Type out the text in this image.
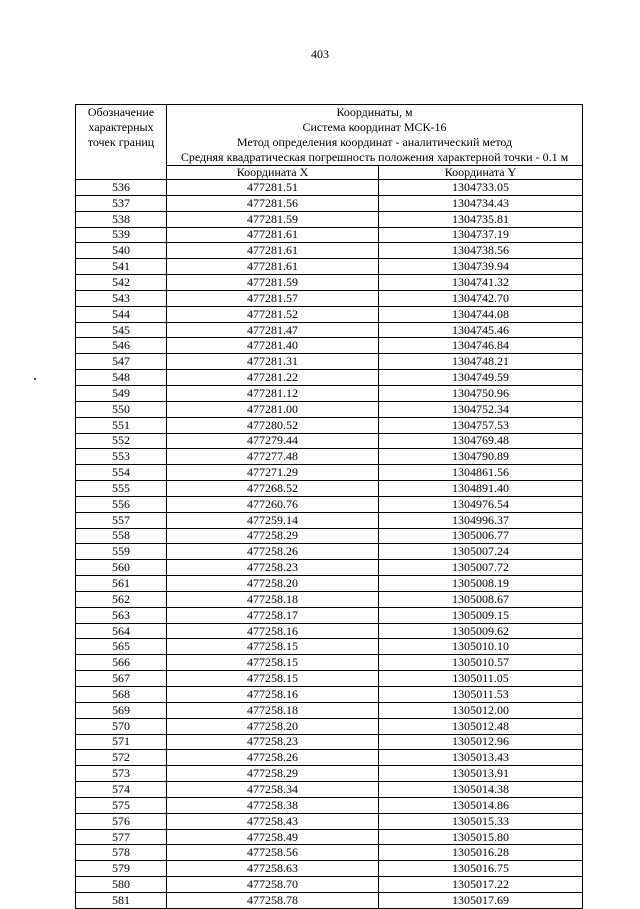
403
Обозначение
характерных
точек границ	Координаты, м
Система координат МСК-16
Метод определения координат - аналитический метод
Средняя квадратическая погрешность положения характерной точки - 0.1 м	

	Координата X	Координата Y
536	477281.51	1304733.05
537	477281.56	1304734.43
538	477281.59	1304735.81
539	477281.61	1304737.19
540	477281.61	1304738.56
541	477281.61	1304739.94
542	477281.59	1304741.32
543	477281.57	1304742.70
544	477281.52	1304744.08
545	477281.47	1304745.46
546	477281.40	1304746.84
547	477281.31	1304748.21
548	477281.22	1304749.59
549	477281.12	1304750.96
550	477281.00	1304752.34
551	477280.52	1304757.53
552	477279.44	1304769.48
553	477277.48	1304790.89
554	477271.29	1304861.56
555	477268.52	1304891.40
556	477260.76	1304976.54
557	477259.14	1304996.37
558	477258.29	1305006.77
559	477258.26	1305007.24
560	477258.23	1305007.72
561	477258.20	1305008.19
562	477258.18	1305008.67
563	477258.17	1305009.15
564	477258.16	1305009.62
565	477258.15	1305010.10
566	477258.15	1305010.57
567	477258.15	1305011.05
568	477258.16	1305011.53
569	477258.18	1305012.00
570	477258.20	1305012.48
571	477258.23	1305012.96
572	477258.26	1305013.43
573	477258.29	1305013.91
574	477258.34	1305014.38
575	477258.38	1305014.86
576	477258.43	1305015.33
577	477258.49	1305015.80
578	477258.56	1305016.28
579	477258.63	1305016.75
580	477258.70	1305017.22
581	477258.78	1305017.69
